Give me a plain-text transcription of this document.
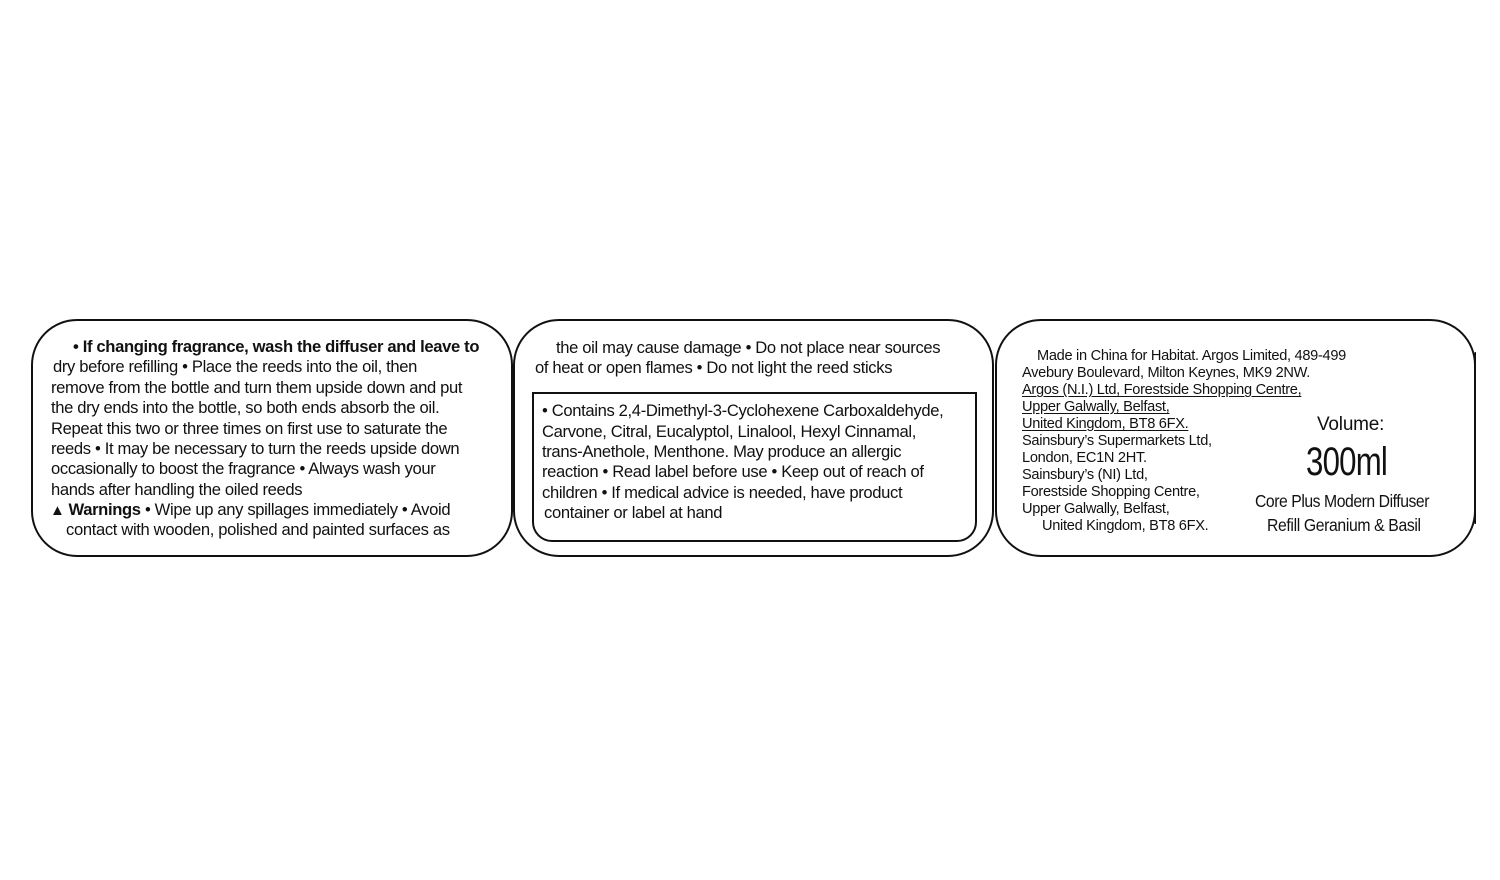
• If changing fragrance, wash the diffuser and leave to
dry before refilling • Place the reeds into the oil, then
remove from the bottle and turn them upside down and put
the dry ends into the bottle, so both ends absorb the oil.
Repeat this two or three times on first use to saturate the
reeds • It may be necessary to turn the reeds upside down
occasionally to boost the fragrance • Always wash your
hands after handling the oiled reeds
▲ Warnings • Wipe up any spillages immediately • Avoid
contact with wooden, polished and painted surfaces as
the oil may cause damage • Do not place near sources
of heat or open flames • Do not light the reed sticks
• Contains 2,4-Dimethyl-3-Cyclohexene Carboxaldehyde,
Carvone, Citral, Eucalyptol, Linalool, Hexyl Cinnamal,
trans-Anethole, Menthone. May produce an allergic
reaction • Read label before use • Keep out of reach of
children • If medical advice is needed, have product
container or label at hand
Made in China for Habitat. Argos Limited, 489-499
Avebury Boulevard, Milton Keynes, MK9 2NW.
Argos (N.I.) Ltd, Forestside Shopping Centre,
Upper Galwally, Belfast,
United Kingdom, BT8 6FX.
Sainsbury’s Supermarkets Ltd,
London, EC1N 2HT.
Sainsbury’s (NI) Ltd,
Forestside Shopping Centre,
Upper Galwally, Belfast,
United Kingdom, BT8 6FX.
Volume:
300ml
Core Plus Modern Diffuser
Refill Geranium & Basil
